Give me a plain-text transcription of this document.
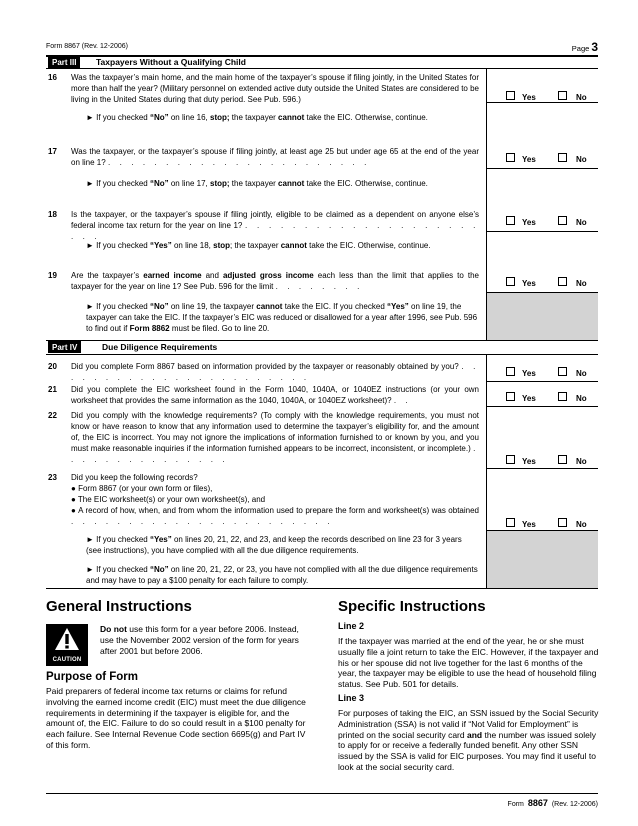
Form 8867 (Rev. 12-2006)	Page 3
Part III	Taxpayers Without a Qualifying Child
16 Was the taxpayer’s main home, and the main home of the taxpayer’s spouse if filing jointly, in the United States for more than half the year? (Military personnel on extended active duty outside the United States are considered to be living in the United States during that duty period. See Pub. 596.)	Yes	No
► If you checked “No” on line 16, stop; the taxpayer cannot take the EIC. Otherwise, continue.
17 Was the taxpayer, or the taxpayer’s spouse if filing jointly, at least age 25 but under age 65 at the end of the year on line 1? . . . . . . . . . . . . . . . . . . . . . . .	Yes	No
► If you checked “No” on line 17, stop; the taxpayer cannot take the EIC. Otherwise, continue.
18 Is the taxpayer, or the taxpayer’s spouse if filing jointly, eligible to be claimed as a dependent on anyone else’s federal income tax return for the year on line 1? . . . . . . . . . . . . . . . . . . . . . . .
Yes	No
► If you checked “Yes” on line 18, stop; the taxpayer cannot take the EIC. Otherwise, continue.
19 Are the taxpayer’s earned income and adjusted gross income each less than the limit that applies to the taxpayer for the year on line 1? See Pub. 596 for the limit . . . . . . . .	Yes	No
► If you checked “No” on line 19, the taxpayer cannot take the EIC. If you checked “Yes” on line 19, the taxpayer can take the EIC. If the taxpayer’s EIC was reduced or disallowed for a year after 1996, see Pub. 596 to find out if Form 8862 must be filed. Go to line 20.
Part IV	Due Diligence Requirements
20 Did you complete Form 8867 based on information provided by the taxpayer or reasonably obtained by you? . . . . . . . . . . . . . . . . . . . . . . .	Yes	No
21 Did you complete the EIC worksheet found in the Form 1040, 1040A, or 1040EZ instructions (or your own worksheet that provides the same information as the 1040, 1040A, or 1040EZ worksheet)? . .	Yes	No
22 Did you comply with the knowledge requirements? (To comply with the knowledge requirements, you must not know or have reason to know that any information used to determine the taxpayer’s eligibility for, and the amount of, the EIC is incorrect. You may not ignore the implications of information furnished to or known by you, and you must make reasonable inquiries if the information furnished appears to be incorrect, inconsistent, or incomplete.) . . . . . . . . . . . . . . .	Yes	No
23 Did you keep the following records?
● Form 8867 (or your own form or files),
● The EIC worksheet(s) or your own worksheet(s), and
● A record of how, when, and from whom the information used to prepare the form and worksheet(s) was obtained . . . . . . . . . . . . . . . . . . . . . . .	Yes	No
► If you checked “Yes” on lines 20, 21, 22, and 23, and keep the records described on line 23 for 3 years (see instructions), you have complied with all the due diligence requirements.
► If you checked “No” on line 20, 21, 22, or 23, you have not complied with all the due diligence requirements and may have to pay a $100 penalty for each failure to comply.
General Instructions
CAUTION
Do not use this form for a year before 2006. Instead, use the November 2002 version of the form for years after 2001 but before 2006.
Purpose of Form
Paid preparers of federal income tax returns or claims for refund involving the earned income credit (EIC) must meet the due diligence requirements in determining if the taxpayer is eligible for, and the amount of, the EIC. Failure to do so could result in a $100 penalty for each failure. See Internal Revenue Code section 6695(g) and Part IV of this form.
Specific Instructions
Line 2
If the taxpayer was married at the end of the year, he or she must usually file a joint return to take the EIC. However, if the taxpayer and his or her spouse did not live together for the last 6 months of the year, the taxpayer may be eligible to use the head of household filing status. See Pub. 501 for details.
Line 3
For purposes of taking the EIC, an SSN issued by the Social Security Administration (SSA) is not valid if “Not Valid for Employment” is printed on the social security card and the number was issued solely to apply for or receive a federally funded benefit. Any other SSN issued by the SSA is valid for EIC purposes. You may find it useful to look at the social security card.
Form 8867 (Rev. 12-2006)
